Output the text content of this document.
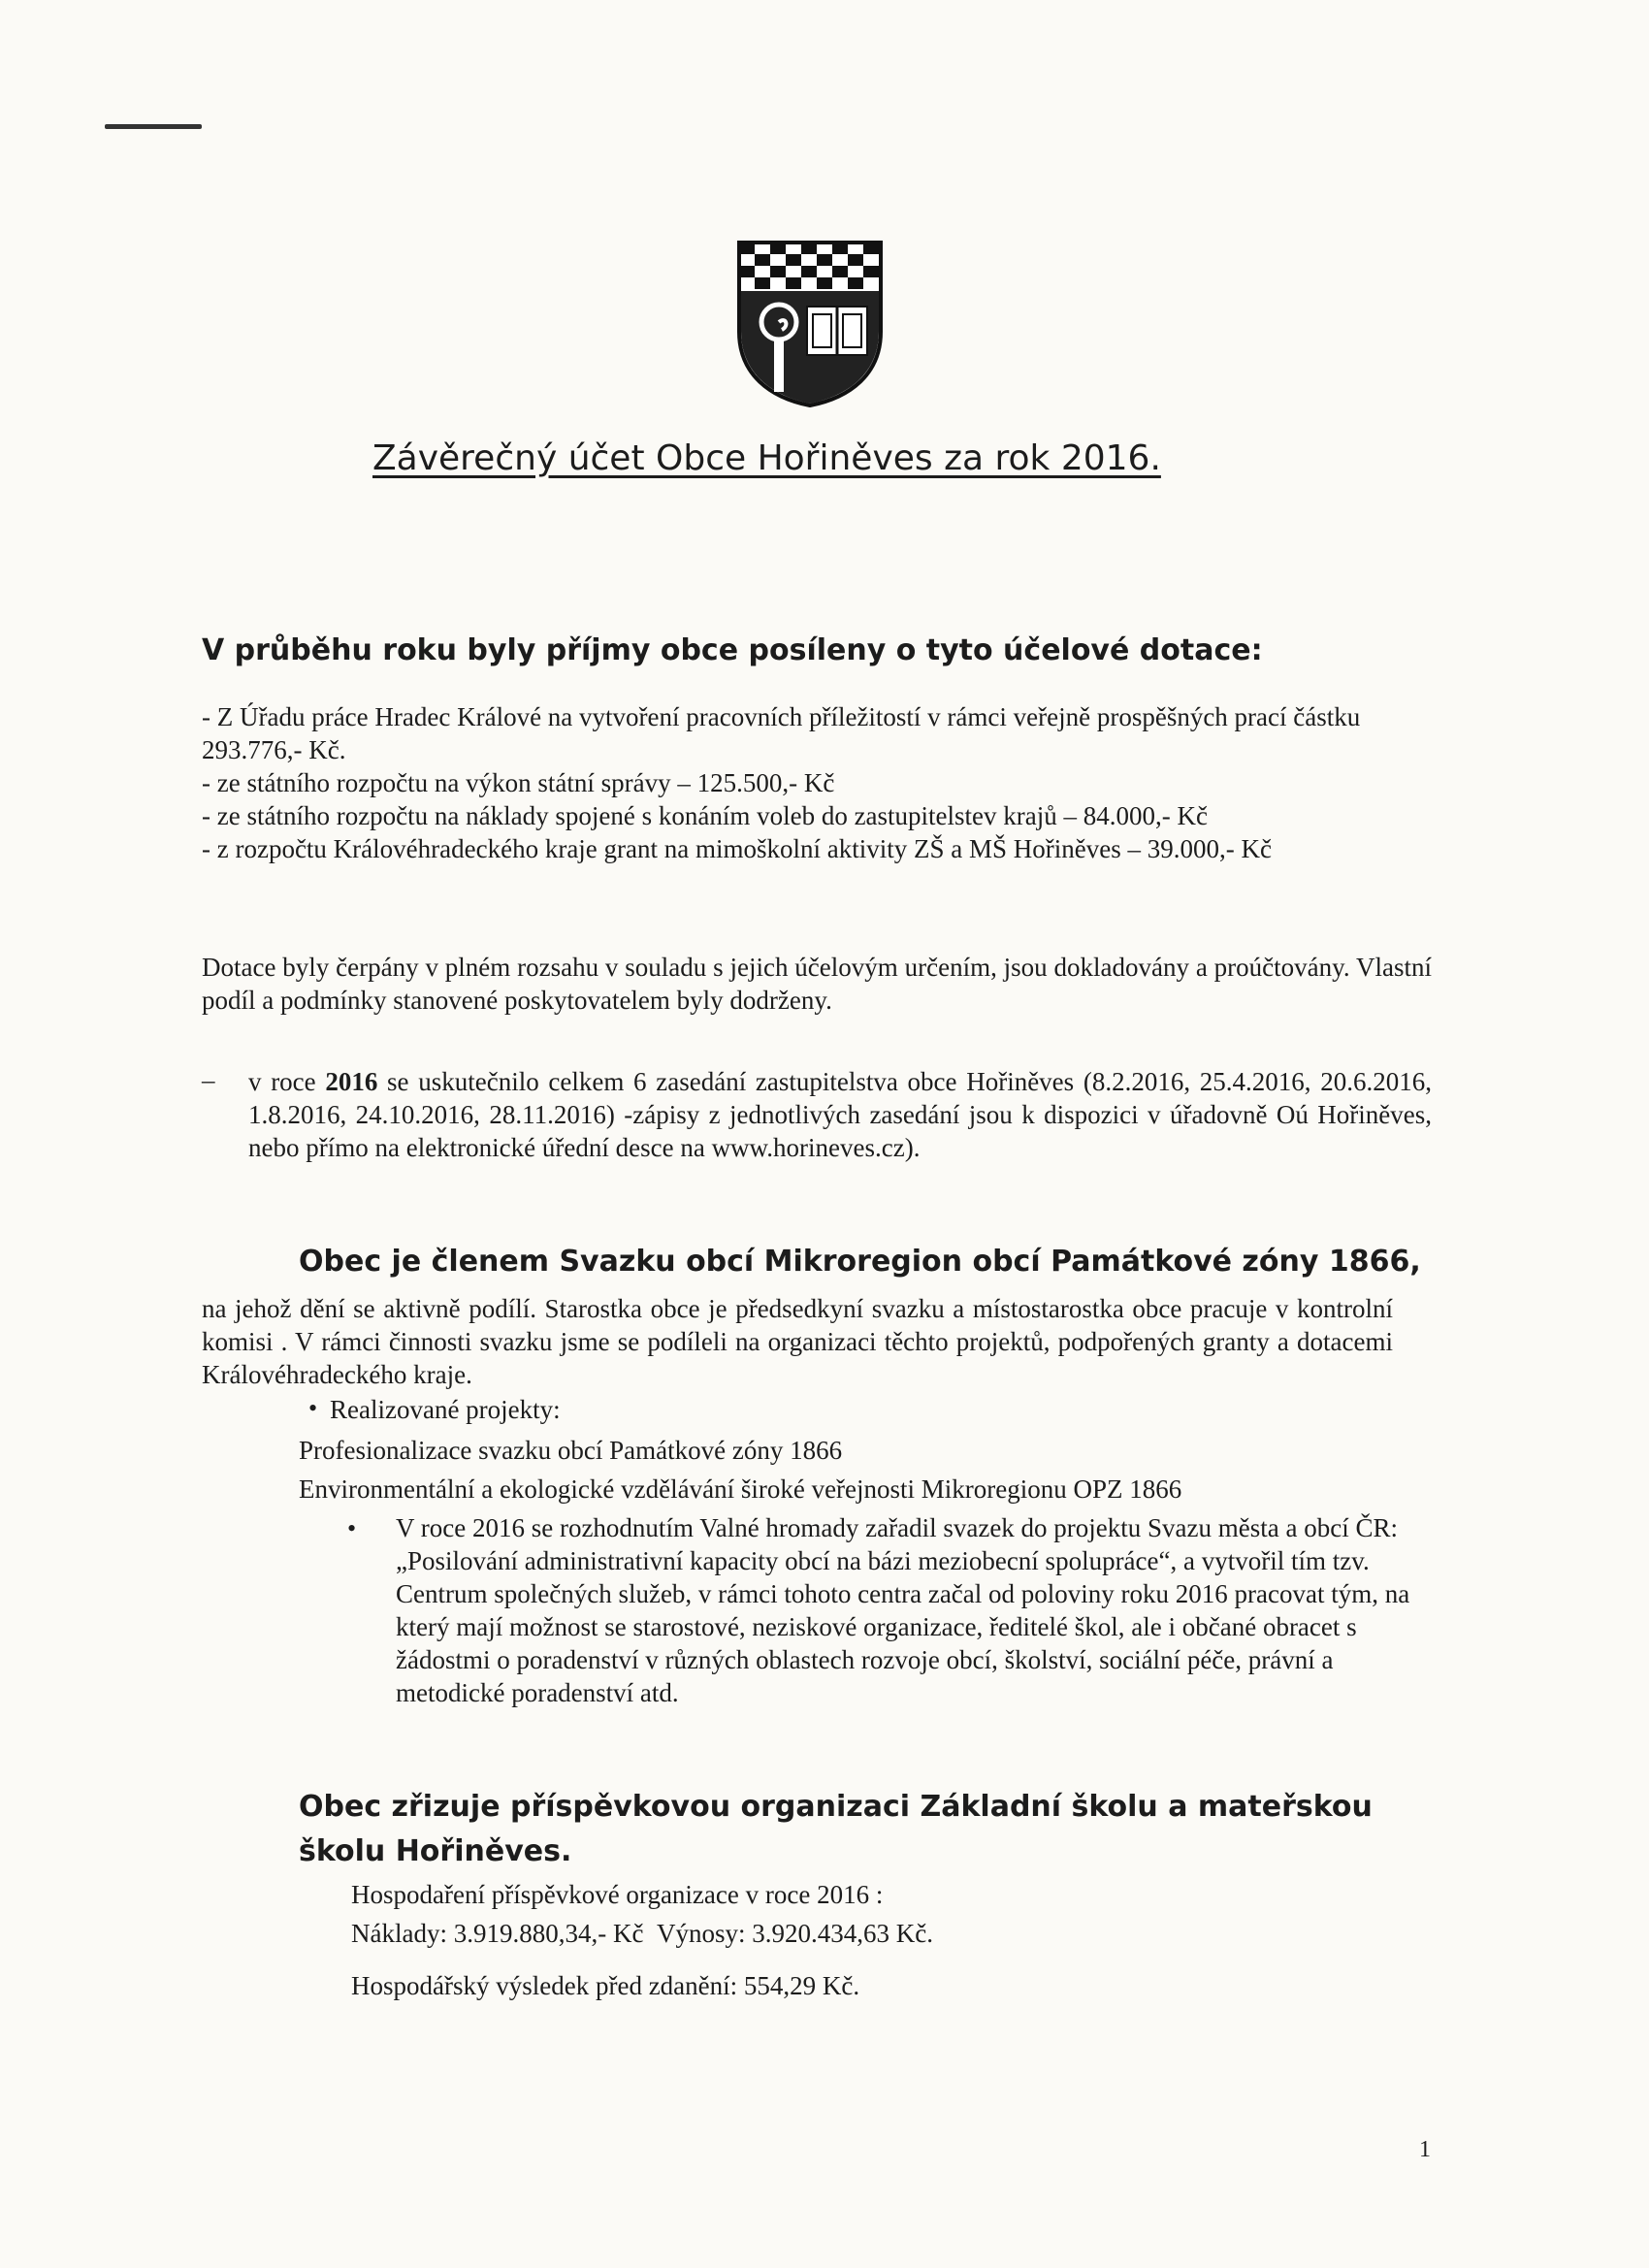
Závěrečný účet Obce Hořiněves za rok 2016.
V průběhu roku byly příjmy obce posíleny o tyto účelové dotace:

- Z Úřadu práce Hradec Králové na vytvoření pracovních příležitostí v rámci veřejně prospěšných prací částku 293.776,- Kč.

- ze státního rozpočtu na výkon státní správy – 125.500,- Kč

- ze státního rozpočtu na náklady spojené s konáním voleb do zastupitelstev krajů – 84.000,- Kč

- z rozpočtu Královéhradeckého kraje grant na mimoškolní aktivity ZŠ a MŠ Hořiněves – 39.000,- Kč

Dotace byly čerpány v plném rozsahu v souladu s jejich účelovým určením, jsou dokladovány a proúčtovány. Vlastní podíl a podmínky stanovené poskytovatelem byly dodrženy.

– v roce 2016 se uskutečnilo celkem 6 zasedání zastupitelstva obce Hořiněves (8.2.2016, 25.4.2016, 20.6.2016, 1.8.2016, 24.10.2016, 28.11.2016) -zápisy z jednotlivých zasedání jsou k dispozici v úřadovně Oú Hořiněves, nebo přímo na elektronické úřední desce na www.horineves.cz).

Obec je členem Svazku obcí Mikroregion obcí Památkové zóny 1866,

na jehož dění se aktivně podílí. Starostka obce je předsedkyní svazku a místostarostka obce pracuje v kontrolní komisi . V rámci činnosti svazku jsme se podíleli na organizaci těchto projektů, podpořených granty a dotacemi Královéhradeckého kraje.

• Realizované projekty:

Profesionalizace svazku obcí Památkové zóny 1866

Environmentální a ekologické vzdělávání široké veřejnosti Mikroregionu OPZ 1866

• V roce 2016 se rozhodnutím Valné hromady zařadil svazek do projektu Svazu města a obcí ČR: „Posilování administrativní kapacity obcí na bázi meziobecní spolupráce“, a vytvořil tím tzv. Centrum společných služeb, v rámci tohoto centra začal od poloviny roku 2016 pracovat tým, na který mají možnost se starostové, neziskové organizace, ředitelé škol, ale i občané obracet s žádostmi o poradenství v různých oblastech rozvoje obcí, školství, sociální péče, právní a metodické poradenství atd.

Obec zřizuje příspěvkovou organizaci Základní školu a mateřskou školu Hořiněves.

Hospodaření příspěvkové organizace v roce 2016 :

Náklady: 3.919.880,34,- Kč Výnosy: 3.920.434,63 Kč.

Hospodářský výsledek před zdanění: 554,29 Kč.

1
